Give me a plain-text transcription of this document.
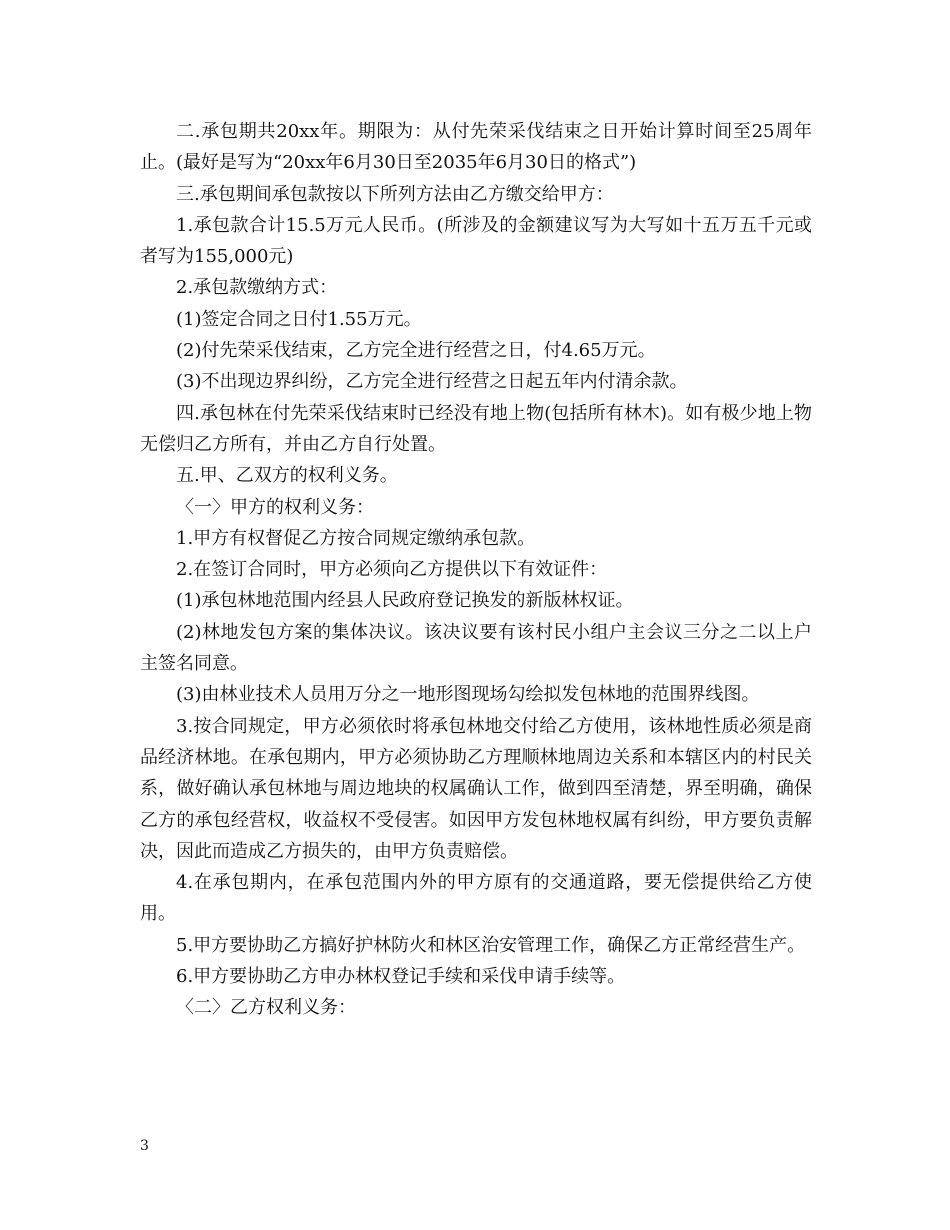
二.承包期共20xx年。期限为：从付先荣采伐结束之日开始计算时间至25周年止。(最好是写为“20xx年6月30日至2035年6月30日的格式”)

三.承包期间承包款按以下所列方法由乙方缴交给甲方：

1.承包款合计15.5万元人民币。(所涉及的金额建议写为大写如十五万五千元或者写为155,000元)

2.承包款缴纳方式：

(1)签定合同之日付1.55万元。

(2)付先荣采伐结束，乙方完全进行经营之日，付4.65万元。

(3)不出现边界纠纷，乙方完全进行经营之日起五年内付清余款。

四.承包林在付先荣采伐结束时已经没有地上物(包括所有林木)。如有极少地上物无偿归乙方所有，并由乙方自行处置。

五.甲、乙双方的权利义务。

〈一〉甲方的权利义务：

1.甲方有权督促乙方按合同规定缴纳承包款。

2.在签订合同时，甲方必须向乙方提供以下有效证件：

(1)承包林地范围内经县人民政府登记换发的新版林权证。

(2)林地发包方案的集体决议。该决议要有该村民小组户主会议三分之二以上户主签名同意。

(3)由林业技术人员用万分之一地形图现场勾绘拟发包林地的范围界线图。

3.按合同规定，甲方必须依时将承包林地交付给乙方使用，该林地性质必须是商品经济林地。在承包期内，甲方必须协助乙方理顺林地周边关系和本辖区内的村民关系，做好确认承包林地与周边地块的权属确认工作，做到四至清楚，界至明确，确保乙方的承包经营权，收益权不受侵害。如因甲方发包林地权属有纠纷，甲方要负责解决，因此而造成乙方损失的，由甲方负责赔偿。

4.在承包期内，在承包范围内外的甲方原有的交通道路，要无偿提供给乙方使用。

5.甲方要协助乙方搞好护林防火和林区治安管理工作，确保乙方正常经营生产。

6.甲方要协助乙方申办林权登记手续和采伐申请手续等。

〈二〉乙方权利义务：

3
